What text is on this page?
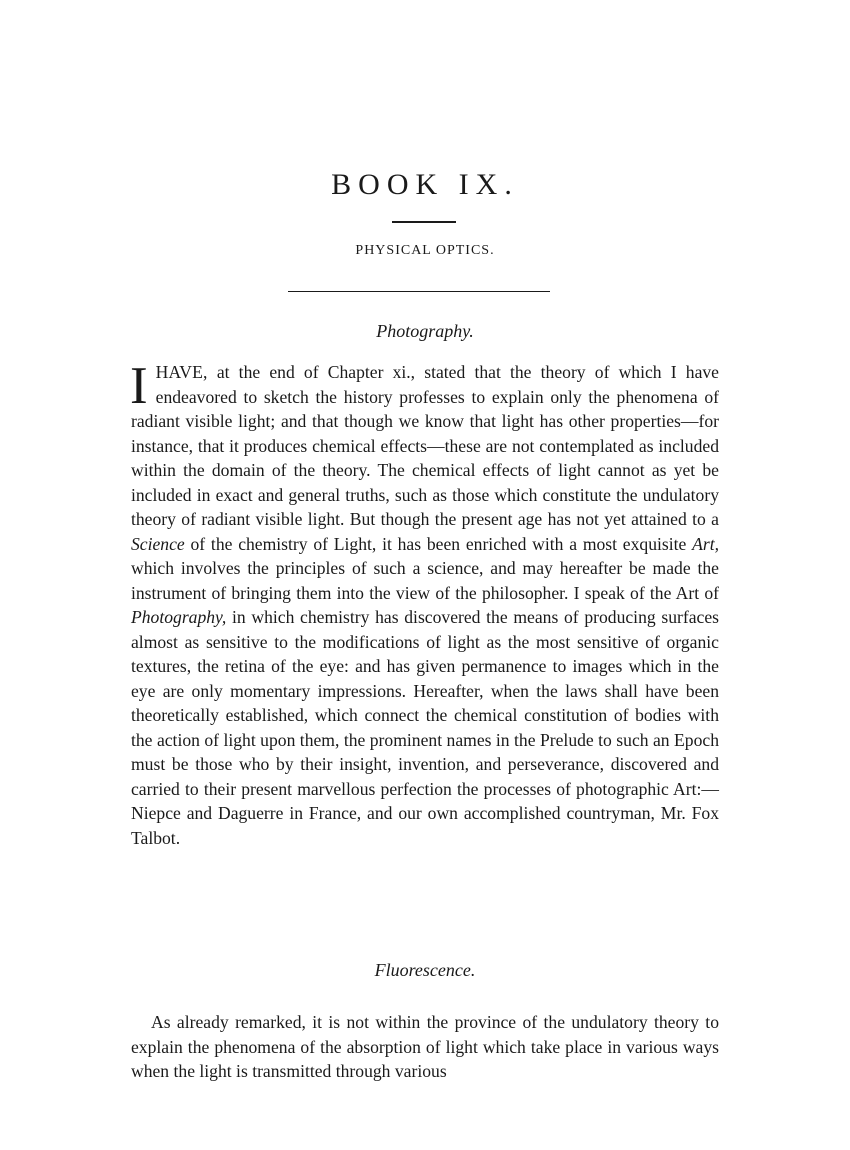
BOOK IX.
PHYSICAL OPTICS.
Photography.

IHAVE, at the end of Chapter xi., stated that the theory of which I have endeavored to sketch the history professes to explain only the phenomena of radiant visible light; and that though we know that light has other properties—for instance, that it produces chemical effects—these are not contemplated as included within the domain of the theory. The chemical effects of light cannot as yet be included in exact and general truths, such as those which constitute the undulatory theory of radiant visible light. But though the present age has not yet attained to a Science of the chemistry of Light, it has been enriched with a most exquisite Art, which involves the principles of such a science, and may hereafter be made the instrument of bringing them into the view of the philosopher. I speak of the Art of Photography, in which chemistry has discovered the means of producing surfaces almost as sensitive to the modifications of light as the most sensitive of organic textures, the retina of the eye: and has given permanence to images which in the eye are only momentary impressions. Hereafter, when the laws shall have been theoretically established, which connect the chemical constitution of bodies with the action of light upon them, the prominent names in the Prelude to such an Epoch must be those who by their insight, invention, and perseverance, discovered and carried to their present marvellous perfection the processes of photographic Art:—Niepce and Daguerre in France, and our own accomplished countryman, Mr. Fox Talbot.

Fluorescence.

As already remarked, it is not within the province of the undulatory theory to explain the phenomena of the absorption of light which take place in various ways when the light is transmitted through various
